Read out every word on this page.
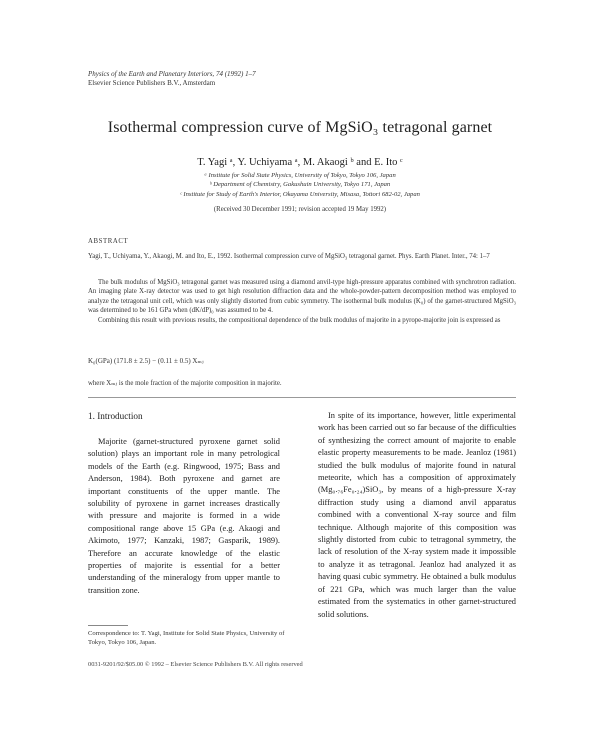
Physics of the Earth and Planetary Interiors, 74 (1992) 1–7
Elsevier Science Publishers B.V., Amsterdam
Isothermal compression curve of MgSiO₃ tetragonal garnet
T. Yagi ᵃ, Y. Uchiyama ᵃ, M. Akaogi ᵇ and E. Ito ᶜ
ᵃ Institute for Solid State Physics, University of Tokyo, Tokyo 106, Japan
ᵇ Department of Chemistry, Gakushuin University, Tokyo 171, Japan
ᶜ Institute for Study of Earth's Interior, Okayama University, Misasa, Tottori 682-02, Japan
(Received 30 December 1991; revision accepted 19 May 1992)
ABSTRACT
Yagi, T., Uchiyama, Y., Akaogi, M. and Ito, E., 1992. Isothermal compression curve of MgSiO₃ tetragonal garnet. Phys. Earth Planet. Inter., 74: 1–7

The bulk modulus of MgSiO₃ tetragonal garnet was measured using a diamond anvil-type high-pressure apparatus combined with synchrotron radiation. An imaging plate X-ray detector was used to get high resolution diffraction data and the whole-powder-pattern decomposition method was employed to analyze the tetragonal unit cell, which was only slightly distorted from cubic symmetry. The isothermal bulk modulus (K₀) of the garnet-structured MgSiO₃ was determined to be 161 GPa when (dK/dP)₀ was assumed to be 4.

Combining this result with previous results, the compositional dependence of the bulk modulus of majorite in a pyrope-majorite join is expressed as

K₀(GPa) (171.8 ± 2.5) − (0.11 ± 0.5) Xₘⱼ
where Xₘⱼ is the mole fraction of the majorite composition in majorite.
1. Introduction

Majorite (garnet-structured pyroxene garnet solid solution) plays an important role in many petrological models of the Earth (e.g. Ringwood, 1975; Bass and Anderson, 1984). Both pyroxene and garnet are important constituents of the upper mantle. The solubility of pyroxene in garnet increases drastically with pressure and majorite is formed in a wide compositional range above 15 GPa (e.g. Akaogi and Akimoto, 1977; Kanzaki, 1987; Gasparik, 1989). Therefore an accurate knowledge of the elastic properties of majorite is essential for a better understanding of the mineralogy from upper mantle to transition zone.

In spite of its importance, however, little experimental work has been carried out so far because of the difficulties of synthesizing the correct amount of majorite to enable elastic property measurements to be made. Jeanloz (1981) studied the bulk modulus of majorite found in natural meteorite, which has a composition of approximately (Mg₀.₇₆Fe₀.₂₄)SiO₃, by means of a high-pressure X-ray diffraction study using a diamond anvil apparatus combined with a conventional X-ray source and film technique. Although majorite of this composition was slightly distorted from cubic to tetragonal symmetry, the lack of resolution of the X-ray system made it impossible to analyze it as tetragonal. Jeanloz had analyzed it as having quasi cubic symmetry. He obtained a bulk modulus of 221 GPa, which was much larger than the value estimated from the systematics in other garnet-structured solid solutions.

Correspondence to: T. Yagi, Institute for Solid State Physics, University of Tokyo, Tokyo 106, Japan.
0031-9201/92/$05.00 © 1992 – Elsevier Science Publishers B.V. All rights reserved
